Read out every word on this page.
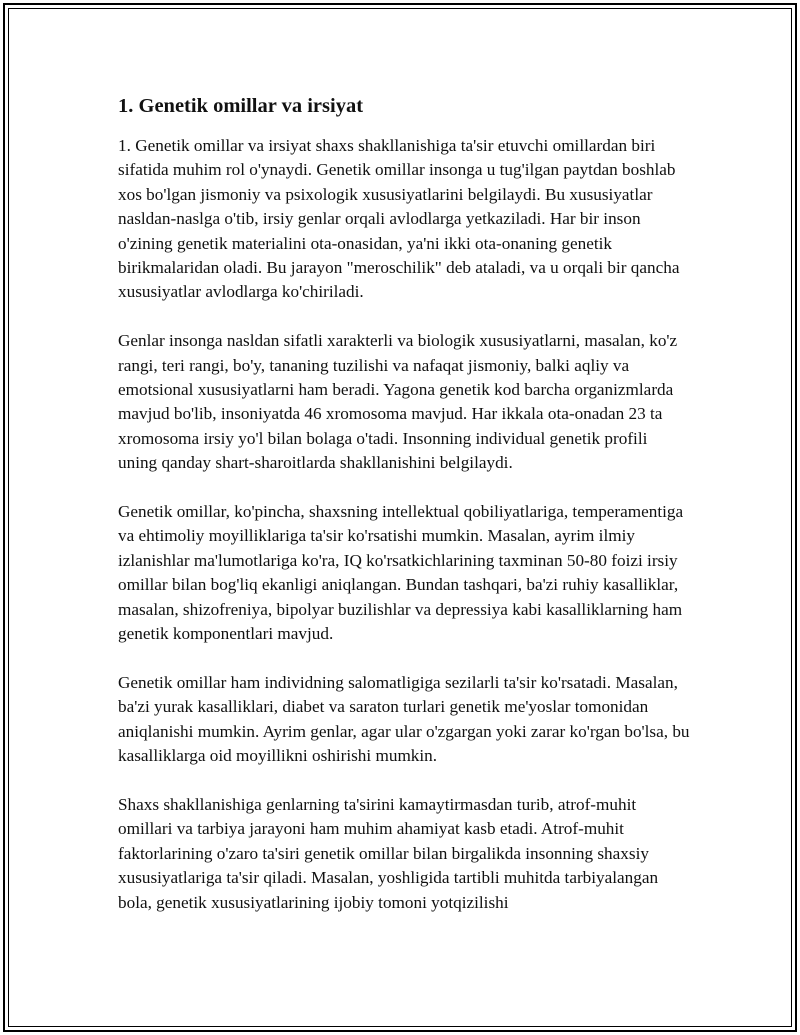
1. Genetik omillar va irsiyat

1. Genetik omillar va irsiyat shaxs shakllanishiga ta'sir etuvchi omillardan biri sifatida muhim rol o'ynaydi. Genetik omillar insonga u tug'ilgan paytdan boshlab xos bo'lgan jismoniy va psixologik xususiyatlarini belgilaydi. Bu xususiyatlar nasldan-naslga o'tib, irsiy genlar orqali avlodlarga yetkaziladi. Har bir inson o'zining genetik materialini ota-onasidan, ya'ni ikki ota-onaning genetik birikmalaridan oladi. Bu jarayon "meroschilik" deb ataladi, va u orqali bir qancha xususiyatlar avlodlarga ko'chiriladi.

Genlar insonga nasldan sifatli xarakterli va biologik xususiyatlarni, masalan, ko'z rangi, teri rangi, bo'y, tananing tuzilishi va nafaqat jismoniy, balki aqliy va emotsional xususiyatlarni ham beradi. Yagona genetik kod barcha organizmlarda mavjud bo'lib, insoniyatda 46 xromosoma mavjud. Har ikkala ota-onadan 23 ta xromosoma irsiy yo'l bilan bolaga o'tadi. Insonning individual genetik profili uning qanday shart-sharoitlarda shakllanishini belgilaydi.

Genetik omillar, ko'pincha, shaxsning intellektual qobiliyatlariga, temperamentiga va ehtimoliy moyilliklariga ta'sir ko'rsatishi mumkin. Masalan, ayrim ilmiy izlanishlar ma'lumotlariga ko'ra, IQ ko'rsatkichlarining taxminan 50-80 foizi irsiy omillar bilan bog'liq ekanligi aniqlangan. Bundan tashqari, ba'zi ruhiy kasalliklar, masalan, shizofreniya, bipolyar buzilishlar va depressiya kabi kasalliklarning ham genetik komponentlari mavjud.

Genetik omillar ham individning salomatligiga sezilarli ta'sir ko'rsatadi. Masalan, ba'zi yurak kasalliklari, diabet va saraton turlari genetik me'yoslar tomonidan aniqlanishi mumkin. Ayrim genlar, agar ular o'zgargan yoki zarar ko'rgan bo'lsa, bu kasalliklarga oid moyillikni oshirishi mumkin.

Shaxs shakllanishiga genlarning ta'sirini kamaytirmasdan turib, atrof-muhit omillari va tarbiya jarayoni ham muhim ahamiyat kasb etadi. Atrof-muhit faktorlarining o'zaro ta'siri genetik omillar bilan birgalikda insonning shaxsiy xususiyatlariga ta'sir qiladi. Masalan, yoshligida tartibli muhitda tarbiyalangan bola, genetik xususiyatlarining ijobiy tomoni yotqizilishi
